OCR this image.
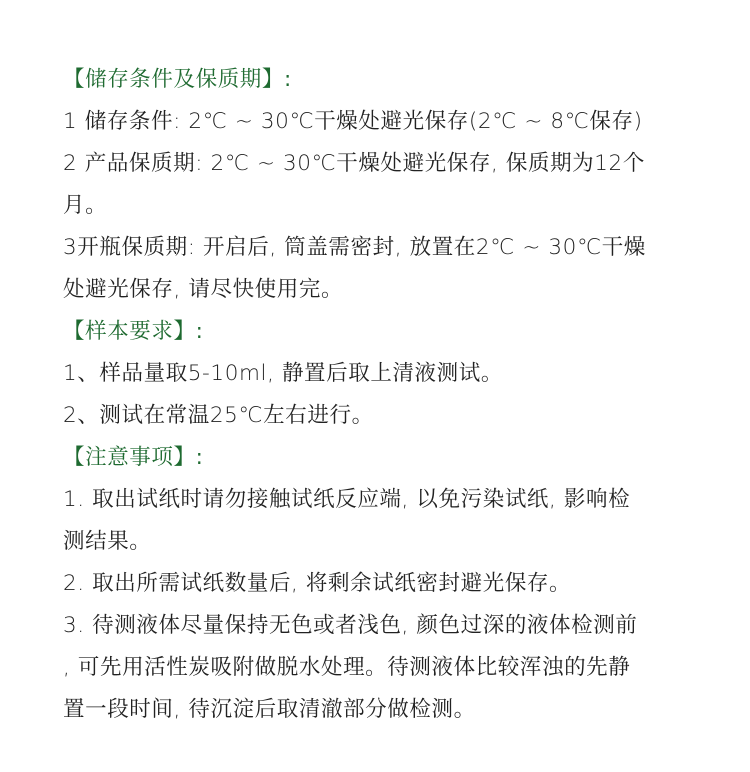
【储存条件及保质期】:
1 储存条件: 2℃ ~ 30℃干燥处避光保存(2℃ ~ 8℃保存)
2 产品保质期: 2℃ ~ 30℃干燥处避光保存, 保质期为12个
月。
3开瓶保质期: 开启后, 筒盖需密封, 放置在2℃ ~ 30℃干燥
处避光保存, 请尽快使用完。
【样本要求】:
1、样品量取5-10ml, 静置后取上清液测试。
2、测试在常温25℃左右进行。
【注意事项】:
1. 取出试纸时请勿接触试纸反应端, 以免污染试纸, 影响检
测结果。
2. 取出所需试纸数量后, 将剩余试纸密封避光保存。
3. 待测液体尽量保持无色或者浅色, 颜色过深的液体检测前
, 可先用活性炭吸附做脱水处理。待测液体比较浑浊的先静
置一段时间, 待沉淀后取清澈部分做检测。
